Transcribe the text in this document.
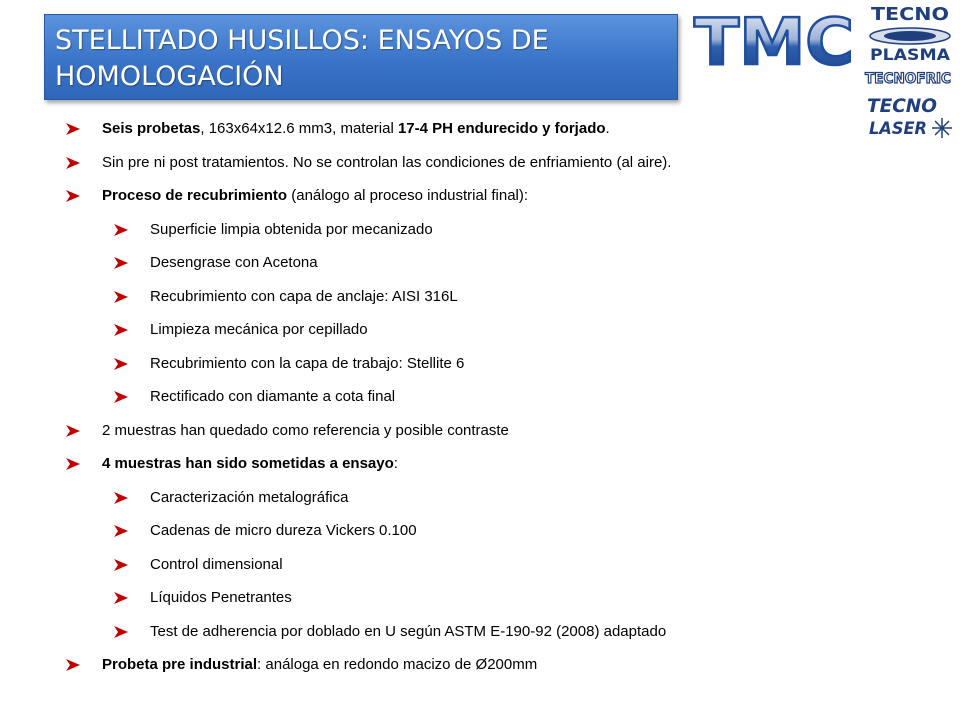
STELLITADO HUSILLOS: ENSAYOS DE
HOMOLOGACIÓN	TMC TECNO
PLASMA
TECNOFRIC
TECNO
LASER
Seis probetas, 163x64x12.6 mm3, material 17-4 PH endurecido y forjado.
Sin pre ni post tratamientos. No se controlan las condiciones de enfriamiento (al aire).
Proceso de recubrimiento (análogo al proceso industrial final):
Superficie limpia obtenida por mecanizado
Desengrase con Acetona
Recubrimiento con capa de anclaje: AISI 316L
Limpieza mecánica por cepillado
Recubrimiento con la capa de trabajo: Stellite 6
Rectificado con diamante a cota final
2 muestras han quedado como referencia y posible contraste
4 muestras han sido sometidas a ensayo:
Caracterización metalográfica
Cadenas de micro dureza Vickers 0.100
Control dimensional
Líquidos Penetrantes
Test de adherencia por doblado en U según ASTM E-190-92 (2008) adaptado
Probeta pre industrial: análoga en redondo macizo de Ø200mm
